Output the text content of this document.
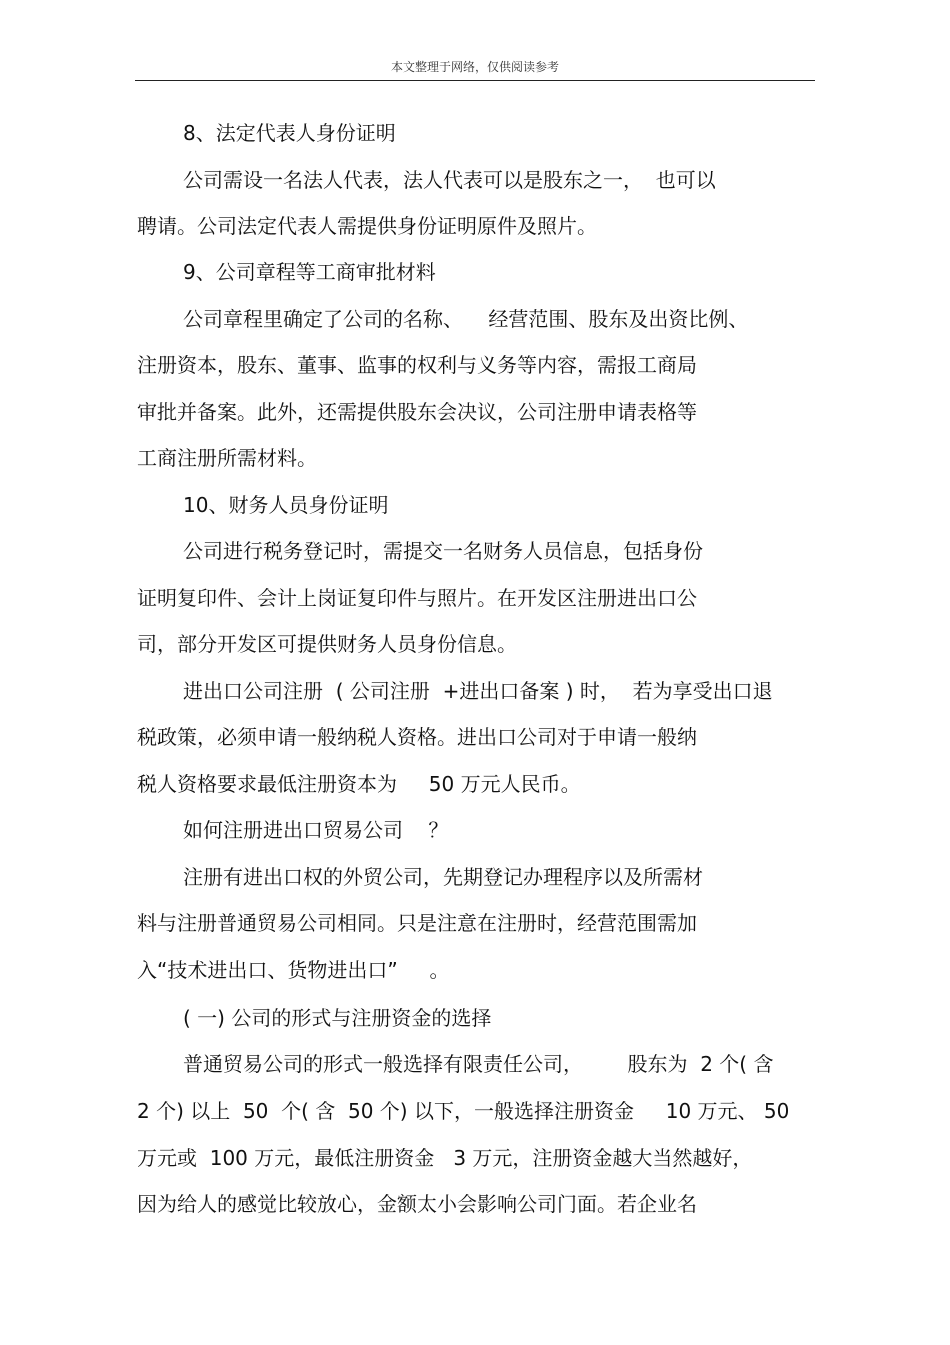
本文整理于网络，仅供阅读参考
8、法定代表人身份证明
公司需设一名法人代表，法人代表可以是股东之一，  也可以
聘请。公司法定代表人需提供身份证明原件及照片。
9、公司章程等工商审批材料
公司章程里确定了公司的名称、    经营范围、股东及出资比例、
注册资本，股东、董事、监事的权利与义务等内容，需报工商局
审批并备案。此外，还需提供股东会决议，公司注册申请表格等
工商注册所需材料。
10、财务人员身份证明
公司进行税务登记时，需提交一名财务人员信息，包括身份
证明复印件、会计上岗证复印件与照片。在开发区注册进出口公
司，部分开发区可提供财务人员身份信息。
进出口公司注册  ( 公司注册  +进出口备案 ) 时，  若为享受出口退
税政策，必须申请一般纳税人资格。进出口公司对于申请一般纳
税人资格要求最低注册资本为     50 万元人民币。
如何注册进出口贸易公司    ？
注册有进出口权的外贸公司，先期登记办理程序以及所需材
料与注册普通贸易公司相同。只是注意在注册时，经营范围需加
入“技术进出口、货物进出口”     。
( 一) 公司的形式与注册资金的选择
普通贸易公司的形式一般选择有限责任公司，       股东为  2 个( 含
2 个) 以上  50  个( 含  50 个) 以下，一般选择注册资金     10 万元、 50
万元或  100 万元，最低注册资金   3 万元，注册资金越大当然越好，
因为给人的感觉比较放心，金额太小会影响公司门面。若企业名
